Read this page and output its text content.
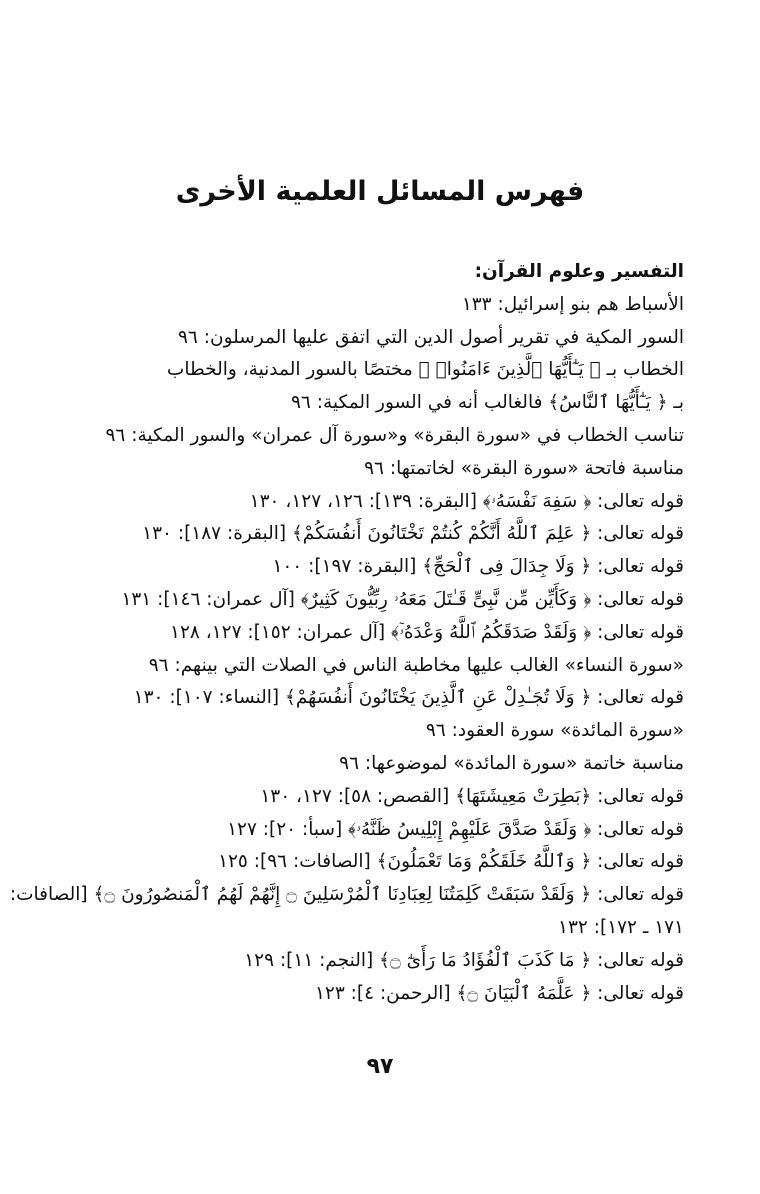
فهرس المسائل العلمية الأخرى
التفسير وعلوم القرآن:
الأسباط هم بنو إسرائيل: ١٣٣
السور المكية في تقرير أصول الدين التي اتفق عليها المرسلون: ٩٦
الخطاب بـ ﴿ يَـٰٓأَيُّهَا ٱلَّذِينَ ءَامَنُوا۟ ﴾ مختصًا بالسور المدنية، والخطاب
بـ ﴿ يَـٰٓأَيُّهَا ٱلنَّاسُ﴾ فالغالب أنه في السور المكية: ٩٦
تناسب الخطاب في «سورة البقرة» و«سورة آل عمران» والسور المكية: ٩٦
مناسبة فاتحة «سورة البقرة» لخاتمتها: ٩٦
قوله تعالى: ﴿ سَفِهَ نَفْسَهُۥ﴾ [البقرة: ١٣٩]: ١٢٦، ١٢٧، ١٣٠
قوله تعالى: ﴿ عَلِمَ ٱللَّهُ أَنَّكُمْ كُنتُمْ تَخْتَانُونَ أَنفُسَكُمْ﴾ [البقرة: ١٨٧]: ١٣٠
قوله تعالى: ﴿ وَلَا جِدَالَ فِى ٱلْحَجِّ﴾ [البقرة: ١٩٧]: ١٠٠
قوله تعالى: ﴿ وَكَأَيِّن مِّن نَّبِىٍّ قَـٰتَلَ مَعَهُۥ رِبِّيُّونَ كَثِيرٌ﴾ [آل عمران: ١٤٦]: ١٣١
قوله تعالى: ﴿ وَلَقَدْ صَدَقَكُمُ ٱللَّهُ وَعْدَهُۥٓ﴾ [آل عمران: ١٥٢]: ١٢٧، ١٢٨
«سورة النساء» الغالب عليها مخاطبة الناس في الصلات التي بينهم: ٩٦
قوله تعالى: ﴿ وَلَا تُجَـٰدِلْ عَنِ ٱلَّذِينَ يَخْتَانُونَ أَنفُسَهُمْ﴾ [النساء: ١٠٧]: ١٣٠
«سورة المائدة» سورة العقود: ٩٦
مناسبة خاتمة «سورة المائدة» لموضوعها: ٩٦
قوله تعالى: ﴿بَطِرَتْ مَعِيشَتَهَا﴾ [القصص: ٥٨]: ١٢٧، ١٣٠
قوله تعالى: ﴿ وَلَقَدْ صَدَّقَ عَلَيْهِمْ إِبْلِيسُ ظَنَّهُۥ﴾ [سبأ: ٢٠]: ١٢٧
قوله تعالى: ﴿ وَٱللَّهُ خَلَقَكُمْ وَمَا تَعْمَلُونَ﴾ [الصافات: ٩٦]: ١٢٥
قوله تعالى: ﴿ وَلَقَدْ سَبَقَتْ كَلِمَتُنَا لِعِبَادِنَا ٱلْمُرْسَلِينَ ۝ إِنَّهُمْ لَهُمُ ٱلْمَنصُورُونَ ۝﴾ [الصافات:
١٧١ ـ ١٧٢]: ١٣٢
قوله تعالى: ﴿ مَا كَذَبَ ٱلْفُؤَادُ مَا رَأَىٰٓ ۝﴾ [النجم: ١١]: ١٢٩
قوله تعالى: ﴿ عَلَّمَهُ ٱلْبَيَانَ ۝﴾ [الرحمن: ٤]: ١٢٣
٩٧
